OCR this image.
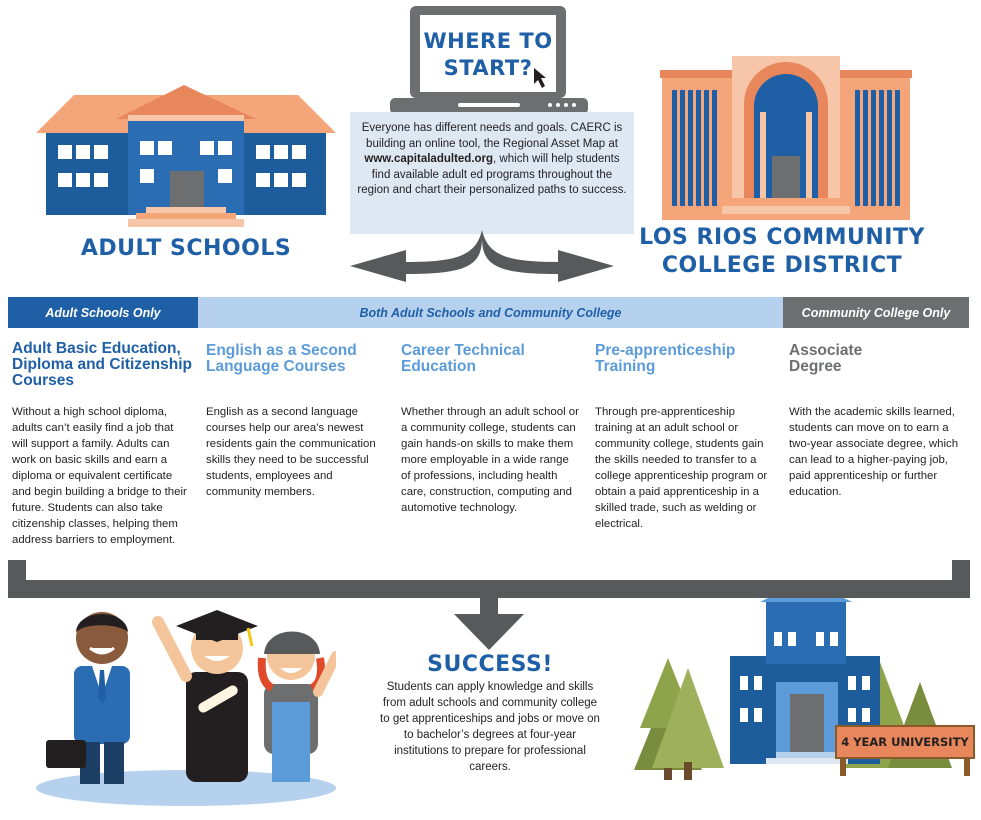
WHERE TO
START?
Everyone has different needs and goals. CAERC is building an online tool, the Regional Asset Map at www.capitaladulted.org, which will help students find available adult ed programs throughout the region and chart their personalized paths to success.
ADULT SCHOOLS	LOS RIOS COMMUNITY
COLLEGE DISTRICT
Adult Schools Only	Both Adult Schools and Community College	Community College Only
Adult Basic Education, Diploma and Citizenship Courses
Without a high school diploma, adults can’t easily find a job that will support a family. Adults can work on basic skills and earn a diploma or equivalent certificate and begin building a bridge to their future. Students can also take citizenship classes, helping them address barriers to employment.
English as a Second Language Courses
English as a second language courses help our area’s newest residents gain the communication skills they need to be successful students, employees and community members.
Career Technical Education
Whether through an adult school or a community college, students can gain hands-on skills to make them more employable in a wide range of professions, including health care, construction, computing and automotive technology.
Pre-apprenticeship Training
Through pre-apprenticeship training at an adult school or community college, students gain the skills needed to transfer to a college apprenticeship program or obtain a paid apprenticeship in a skilled trade, such as welding or electrical.
Associate Degree
With the academic skills learned, students can move on to earn a two-year associate degree, which can lead to a higher-paying job, paid apprenticeship or further education.
SUCCESS!
Students can apply knowledge and skills from adult schools and community college to get apprenticeships and jobs or move on to bachelor’s degrees at four-year institutions to prepare for professional careers.
4 YEAR UNIVERSITY
